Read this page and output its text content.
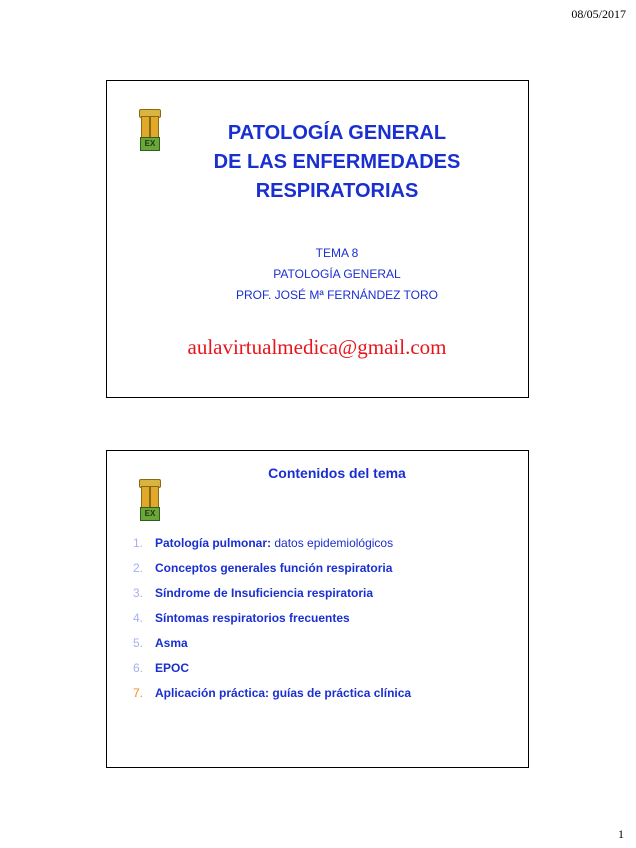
08/05/2017
EX	PATOLOGÍA GENERAL
DE LAS ENFERMEDADES
RESPIRATORIAS
TEMA 8
PATOLOGÍA GENERAL
PROF. JOSÉ Mª FERNÁNDEZ TORO
aulavirtualmedica@gmail.com
EX
Contenidos del tema
1. Patología pulmonar: datos epidemiológicos
2. Conceptos generales función respiratoria
3. Síndrome de Insuficiencia respiratoria
4. Síntomas respiratorios frecuentes
5. Asma
6. EPOC
7. Aplicación práctica: guías de práctica clínica
1
